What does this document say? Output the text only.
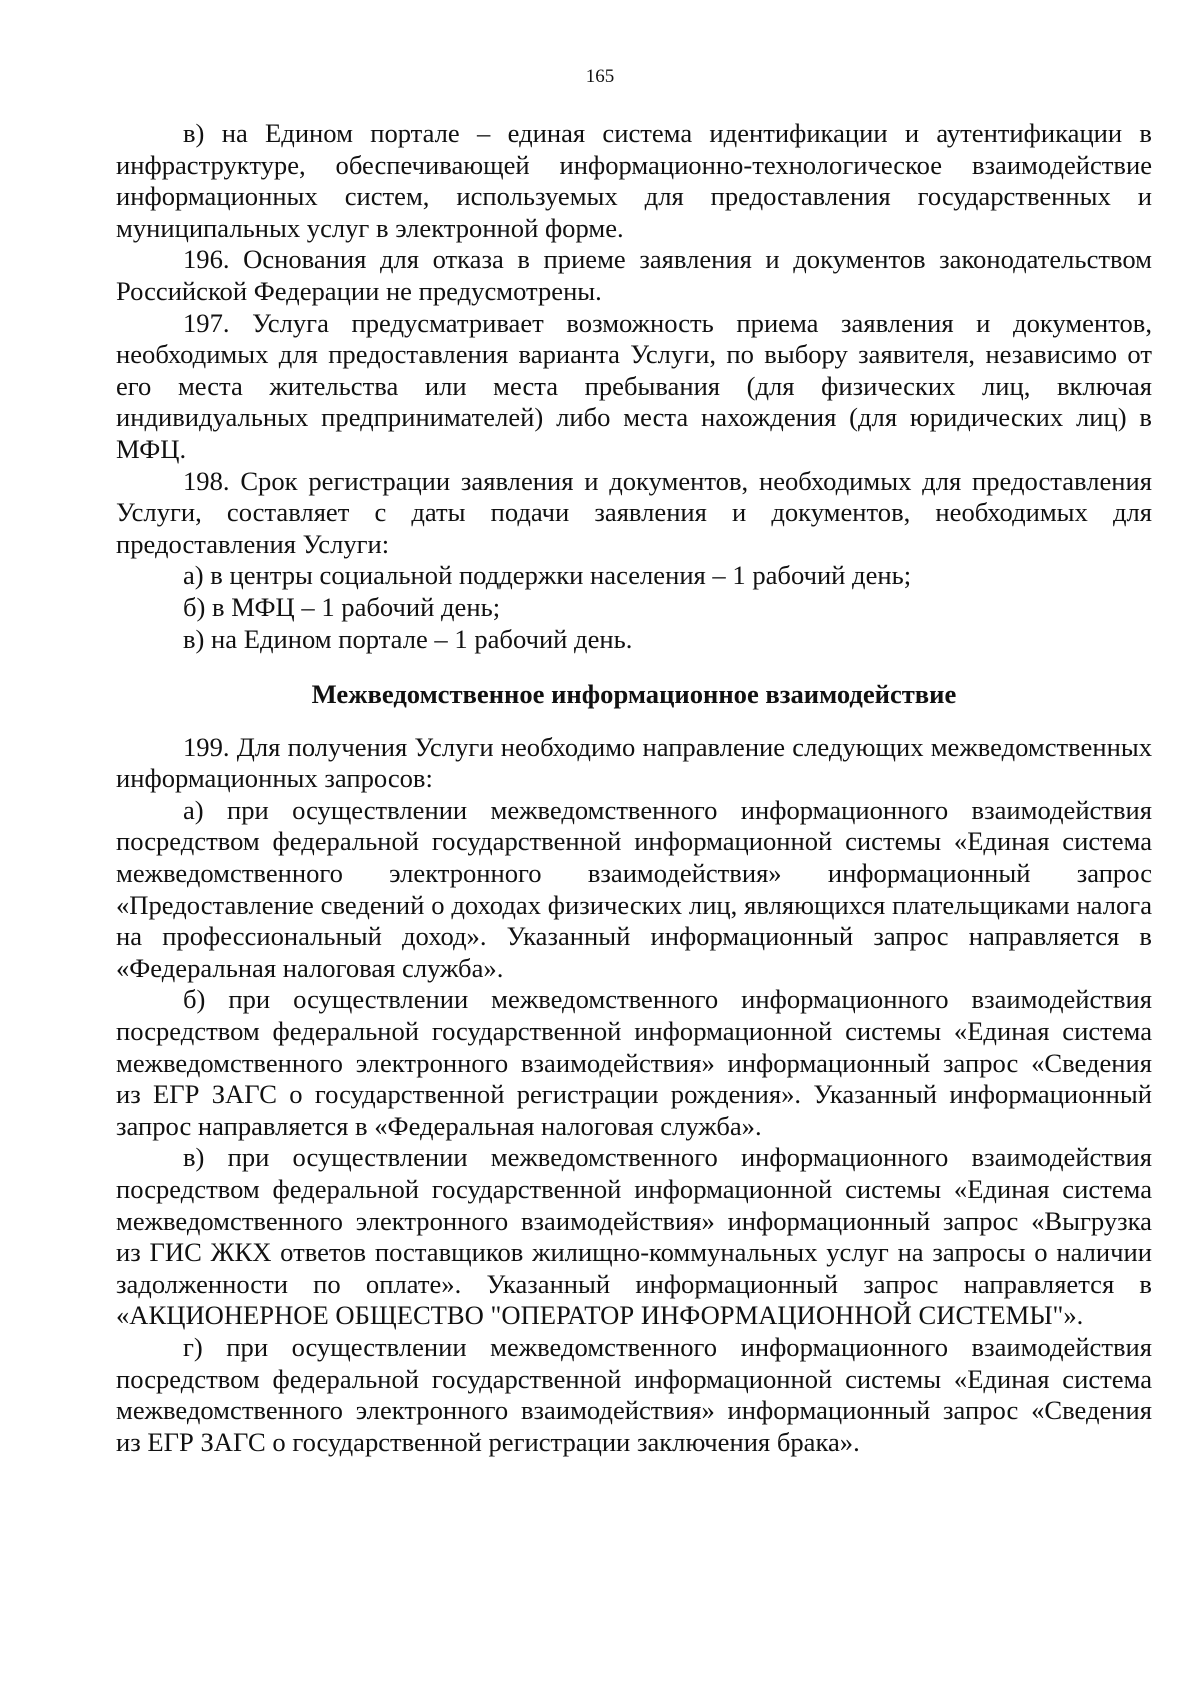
165

в) на Едином портале – единая система идентификации и аутентификации в инфраструктуре, обеспечивающей информационно-технологическое взаимодействие информационных систем, используемых для предоставления государственных и муниципальных услуг в электронной форме.

196. Основания для отказа в приеме заявления и документов законодательством Российской Федерации не предусмотрены.

197. Услуга предусматривает возможность приема заявления и документов, необходимых для предоставления варианта Услуги, по выбору заявителя, независимо от его места жительства или места пребывания (для физических лиц, включая индивидуальных предпринимателей) либо места нахождения (для юридических лиц) в МФЦ.

198. Срок регистрации заявления и документов, необходимых для предоставления Услуги, составляет с даты подачи заявления и документов, необходимых для предоставления Услуги:

а) в центры социальной поддержки населения – 1 рабочий день;

б) в МФЦ – 1 рабочий день;

в) на Едином портале – 1 рабочий день.

Межведомственное информационное взаимодействие

199. Для получения Услуги необходимо направление следующих межведомственных информационных запросов:

а) при осуществлении межведомственного информационного взаимодействия посредством федеральной государственной информационной системы «Единая система межведомственного электронного взаимодействия» информационный запрос «Предоставление сведений о доходах физических лиц, являющихся плательщиками налога на профессиональный доход». Указанный информационный запрос направляется в «Федеральная налоговая служба».

б) при осуществлении межведомственного информационного взаимодействия посредством федеральной государственной информационной системы «Единая система межведомственного электронного взаимодействия» информационный запрос «Сведения из ЕГР ЗАГС о государственной регистрации рождения». Указанный информационный запрос направляется в «Федеральная налоговая служба».

в) при осуществлении межведомственного информационного взаимодействия посредством федеральной государственной информационной системы «Единая система межведомственного электронного взаимодействия» информационный запрос «Выгрузка из ГИС ЖКХ ответов поставщиков жилищно-коммунальных услуг на запросы о наличии задолженности по оплате». Указанный информационный запрос направляется в «АКЦИОНЕРНОЕ ОБЩЕСТВО "ОПЕРАТОР ИНФОРМАЦИОННОЙ СИСТЕМЫ"».

г) при осуществлении межведомственного информационного взаимодействия посредством федеральной государственной информационной системы «Единая система межведомственного электронного взаимодействия» информационный запрос «Сведения из ЕГР ЗАГС о государственной регистрации заключения брака».
